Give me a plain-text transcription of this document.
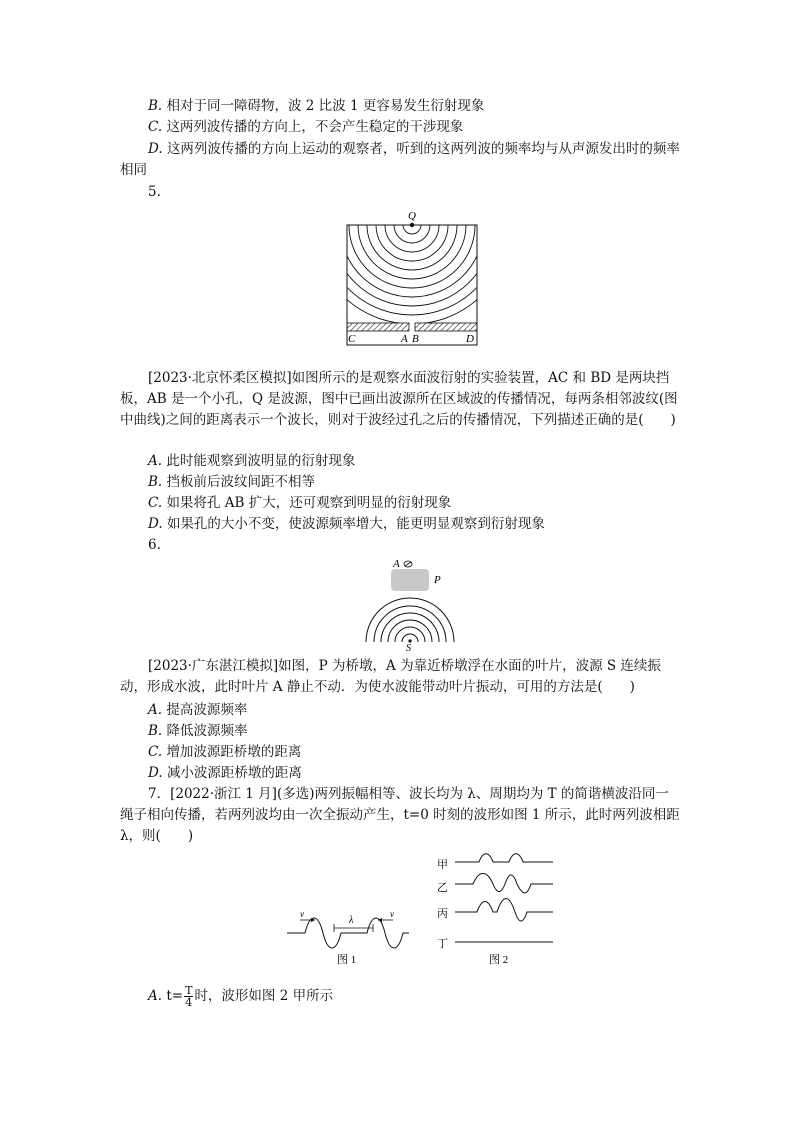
B. 相对于同一障碍物，波 2 比波 1 更容易发生衍射现象
C. 这两列波传播的方向上，不会产生稳定的干涉现象
D. 这两列波传播的方向上运动的观察者，听到的这两列波的频率均与从声源发出时的频率相同
5.
Q
C	A B	D
[2023·北京怀柔区模拟]如图所示的是观察水面波衍射的实验装置，AC 和 BD 是两块挡板，AB 是一个小孔，Q 是波源，图中已画出波源所在区域波的传播情况，每两条相邻波纹(图中曲线)之间的距离表示一个波长，则对于波经过孔之后的传播情况，下列描述正确的是(　　)
A. 此时能观察到波明显的衍射现象
B. 挡板前后波纹间距不相等
C. 如果将孔 AB 扩大，还可观察到明显的衍射现象
D. 如果孔的大小不变，使波源频率增大，能更明显观察到衍射现象
6.
A
P
S
[2023·广东湛江模拟]如图，P 为桥墩，A 为靠近桥墩浮在水面的叶片，波源 S 连续振动，形成水波，此时叶片 A 静止不动．为使水波能带动叶片振动，可用的方法是(　　)
A. 提高波源频率
B. 降低波源频率
C. 增加波源距桥墩的距离
D. 减小波源距桥墩的距离
7．[2022·浙江 1 月](多选)两列振幅相等、波长均为 λ、周期均为 T 的简谐横波沿同一绳子相向传播，若两列波均由一次全振动产生，t=0 时刻的波形如图 1 所示，此时两列波相距 λ，则(　　)
λ
v	v
图 1
甲
乙
丙
丁
图 2
A. $t= \frac{T}{4}$ 时，波形如图 2 甲所示
